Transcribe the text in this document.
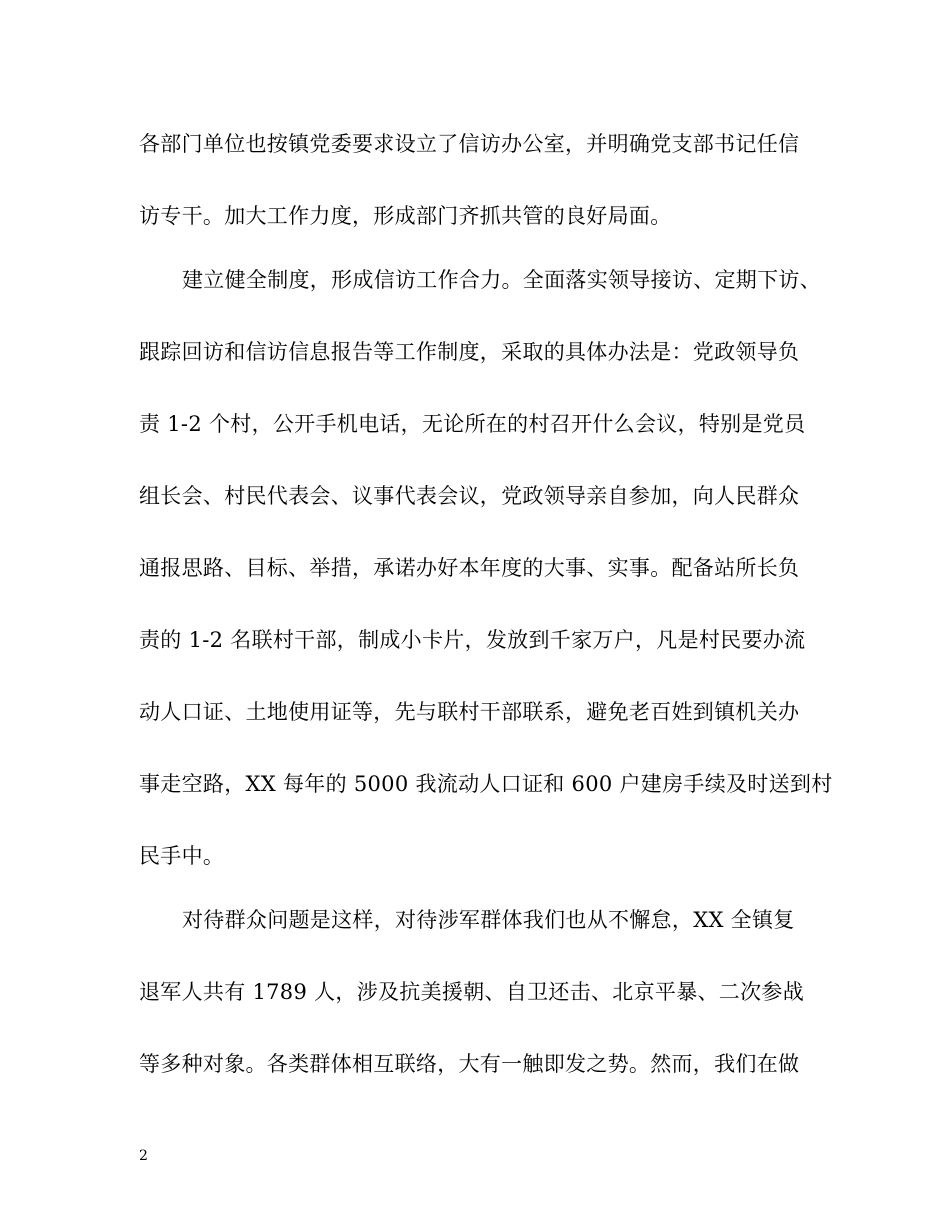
各部门单位也按镇党委要求设立了信访办公室，并明确党支部书记任信
访专干。加大工作力度，形成部门齐抓共管的良好局面。
建立健全制度，形成信访工作合力。全面落实领导接访、定期下访、
跟踪回访和信访信息报告等工作制度，采取的具体办法是：党政领导负
责 1-2 个村，公开手机电话，无论所在的村召开什么会议，特别是党员
组长会、村民代表会、议事代表会议，党政领导亲自参加，向人民群众
通报思路、目标、举措，承诺办好本年度的大事、实事。配备站所长负
责的 1-2 名联村干部，制成小卡片，发放到千家万户，凡是村民要办流
动人口证、土地使用证等，先与联村干部联系，避免老百姓到镇机关办
事走空路，XX 每年的 5000 我流动人口证和 600 户建房手续及时送到村
民手中。
对待群众问题是这样，对待涉军群体我们也从不懈怠，XX 全镇复
退军人共有 1789 人，涉及抗美援朝、自卫还击、北京平暴、二次参战
等多种对象。各类群体相互联络，大有一触即发之势。然而，我们在做
2
